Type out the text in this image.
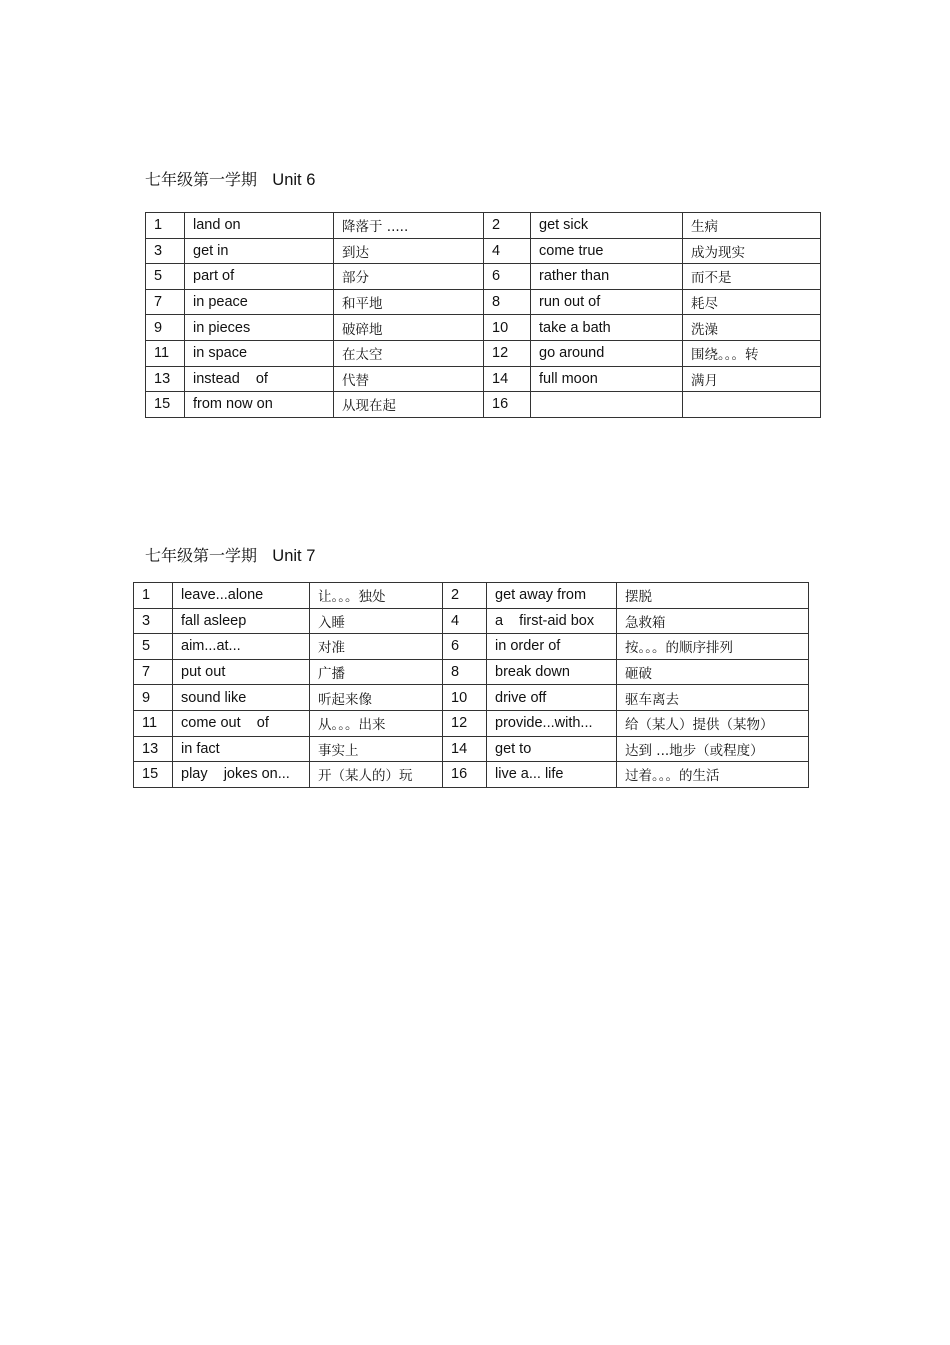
七年级第一学期 Unit 6
1	land on	降落于 .....	2	get sick	生病
3	get in	到达	4	come true	成为现实
5	part of	部分	6	rather than	而不是
7	in peace	和平地	8	run out of	耗尽
9	in pieces	破碎地	10	take a bath	洗澡
11	in space	在太空	12	go around	围绕。。。转
13	instead    of	代替	14	full moon	满月
15	from now on	从现在起	16		
七年级第一学期 Unit 7
1	leave...alone	让。。。独处	2	get away from	摆脱
3	fall asleep	入睡	4	a    first-aid box	急救箱
5	aim...at...	对准	6	in order of	按。。。的顺序排列
7	put out	广播	8	break down	砸破
9	sound like	听起来像	10	drive off	驱车离去
11	come out    of	从。。。出来	12	provide...with...	给（某人）提供（某物）
13	in fact	事实上	14	get to	达到 ...地步（或程度）
15	play    jokes on...	开（某人的）玩	16	live a... life	过着。。。的生活
